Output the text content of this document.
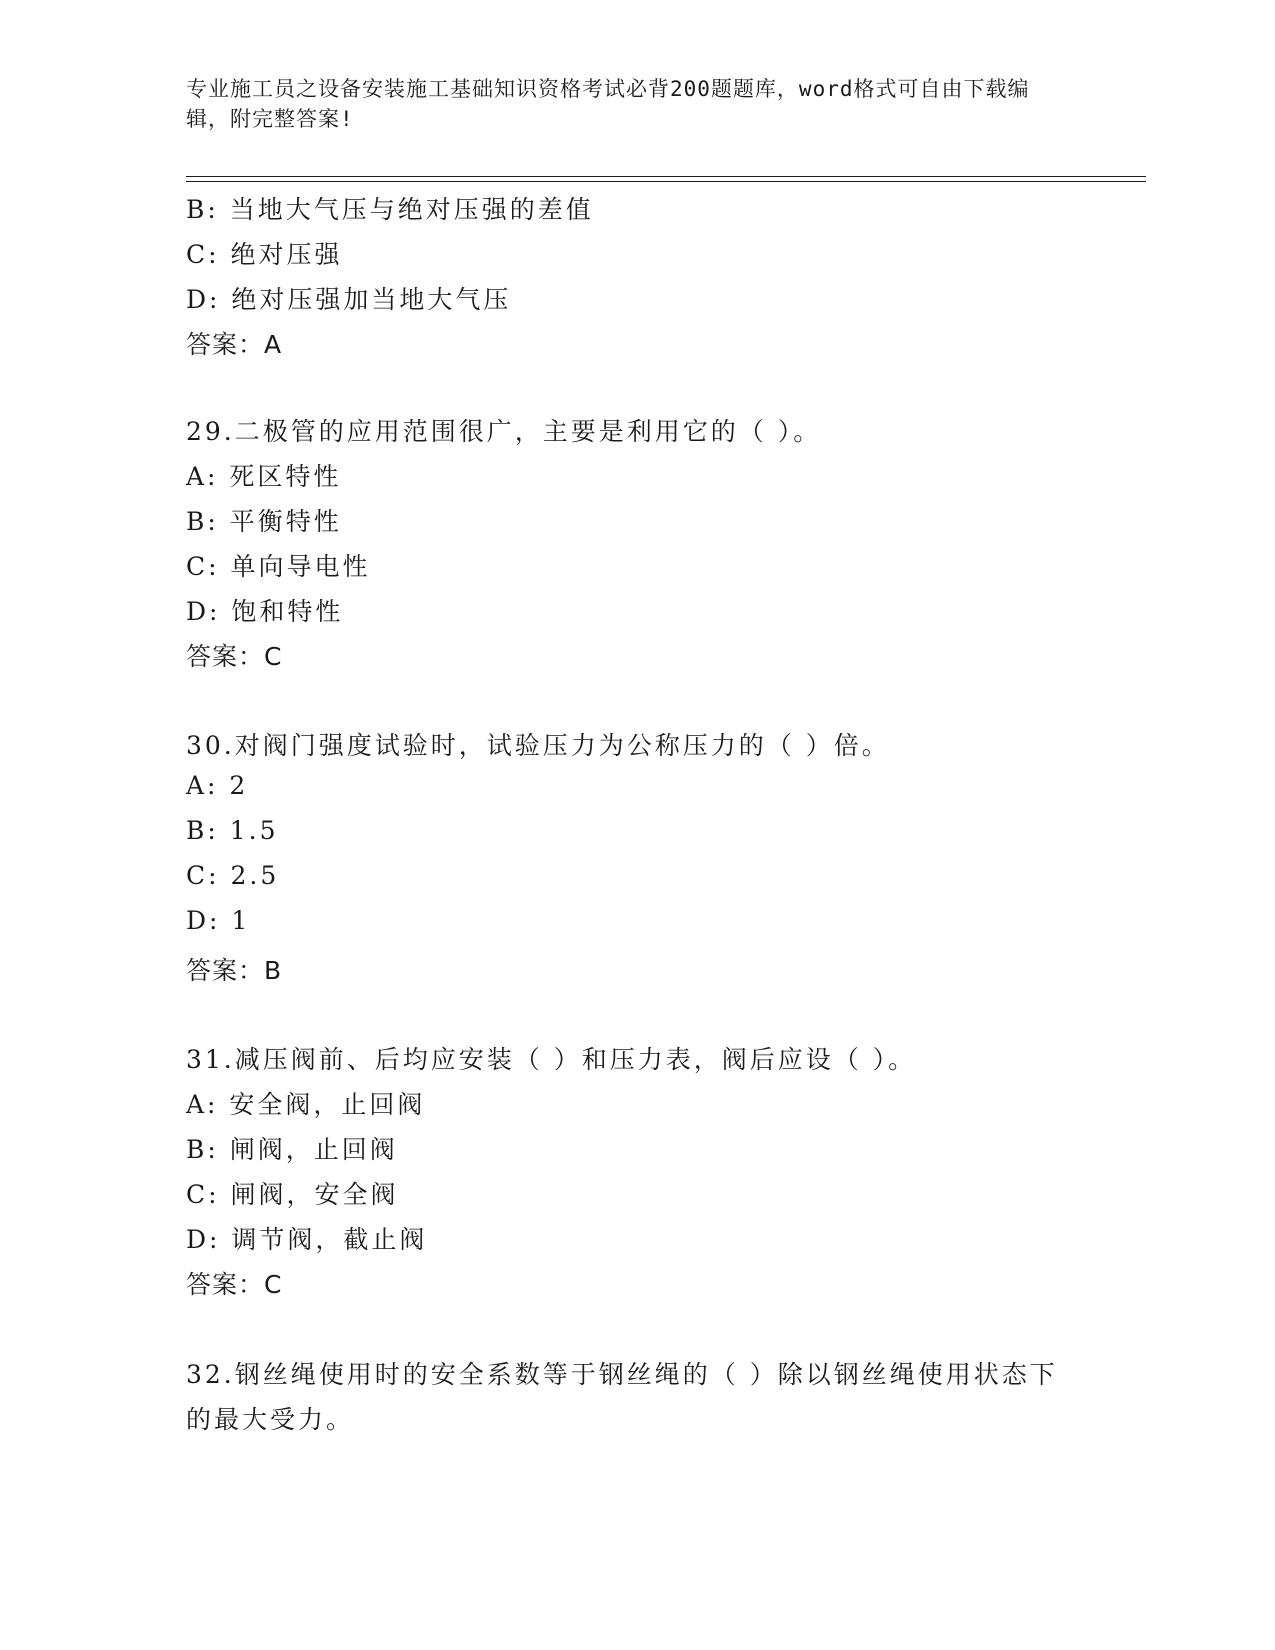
专业施工员之设备安装施工基础知识资格考试必背200题题库，word格式可自由下载编辑，附完整答案!
B: 当地大气压与绝对压强的差值
C: 绝对压强
D: 绝对压强加当地大气压
答案：A
29.二极管的应用范围很广，主要是利用它的（ ）。
A: 死区特性
B: 平衡特性
C: 单向导电性
D: 饱和特性
答案：C
30.对阀门强度试验时，试验压力为公称压力的（ ）倍。
A: 2
B: 1.5
C: 2.5
D: 1
答案：B
31.减压阀前、后均应安装（ ）和压力表，阀后应设（ ）。
A: 安全阀，止回阀
B: 闸阀，止回阀
C: 闸阀，安全阀
D: 调节阀，截止阀
答案：C
32.钢丝绳使用时的安全系数等于钢丝绳的（ ）除以钢丝绳使用状态下的最大受力。
